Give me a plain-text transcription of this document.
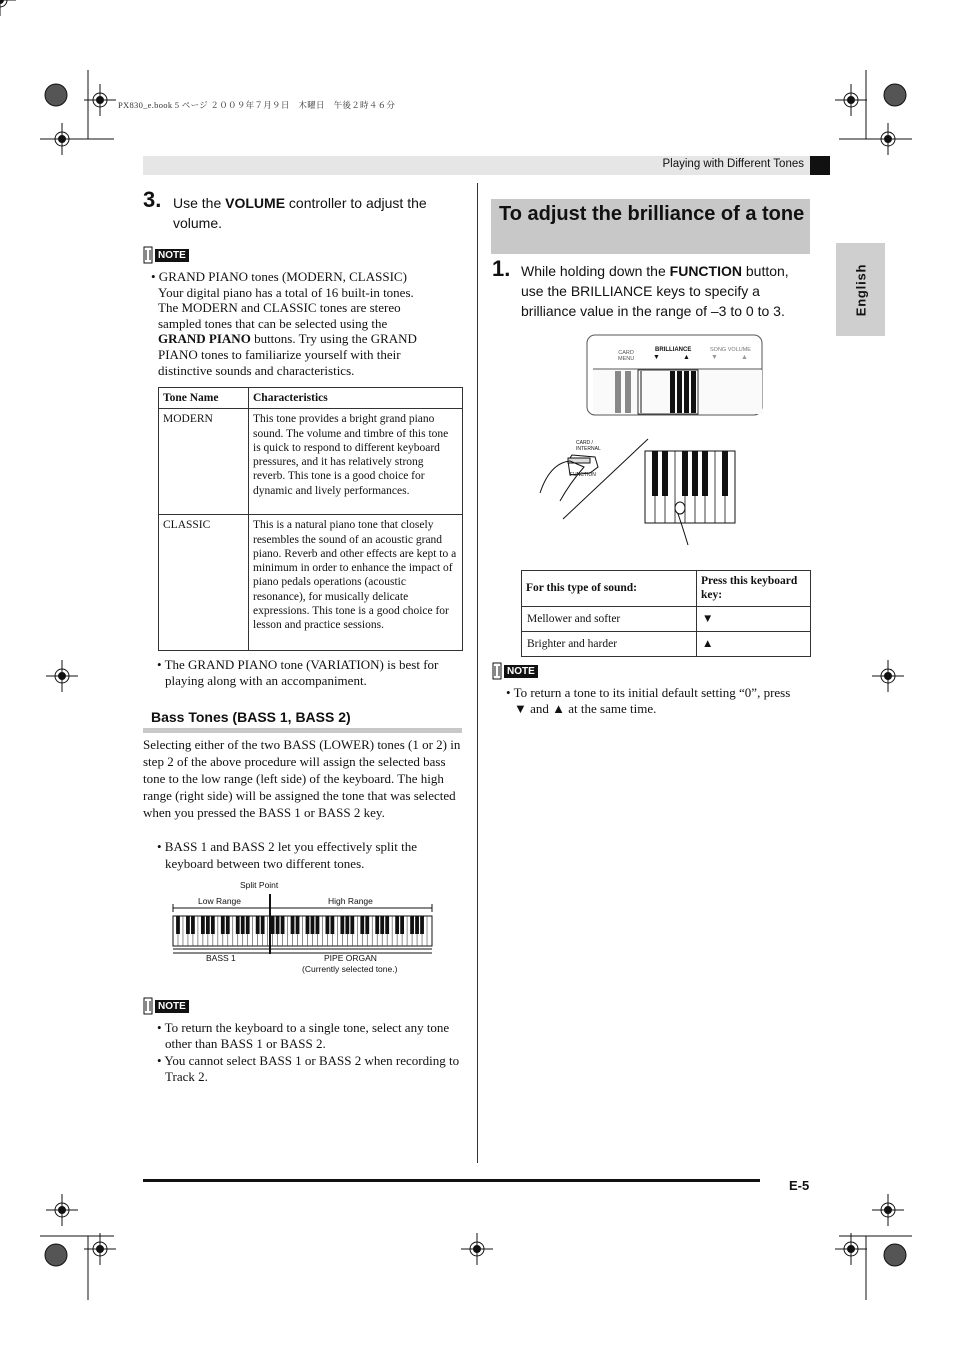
PX830_e.book 5 ページ ２００９年７月９日　木曜日　午後２時４６分
Playing with Different Tones
English
3. Use the VOLUME controller to adjust the volume.
NOTE

• GRAND PIANO tones (MODERN, CLASSIC)

Your digital piano has a total of 16 built-in tones.

The MODERN and CLASSIC tones are stereo

sampled tones that can be selected using the

GRAND PIANO buttons. Try using the GRAND

PIANO tones to familiarize yourself with their

distinctive sounds and characteristics.

Tone Name	Characteristics
MODERN	This tone provides a bright grand piano sound. The volume and timbre of this tone is quick to respond to different keyboard pressures, and it has relatively strong reverb. This tone is a good choice for dynamic and lively performances.
CLASSIC	This is a natural piano tone that closely resembles the sound of an acoustic grand piano. Reverb and other effects are kept to a minimum in order to enhance the impact of piano pedals operations (acoustic resonance), for musically delicate expressions. This tone is a good choice for lesson and practice sessions.

• The GRAND PIANO tone (VARIATION) is best for playing along with an accompaniment.

Bass Tones (BASS 1, BASS 2)
Selecting either of the two BASS (LOWER) tones (1 or 2) in step 2 of the above procedure will assign the selected bass tone to the low range (left side) of the keyboard. The high range (right side) will be assigned the tone that was selected when you pressed the BASS 1 or BASS 2 key.

• BASS 1 and BASS 2 let you effectively split the keyboard between two different tones.

Split Point
Low Range	High Range
BASS 1	PIPE ORGAN
(Currently selected tone.)
NOTE

• To return the keyboard to a single tone, select any tone other than BASS 1 or BASS 2.

• You cannot select BASS 1 or BASS 2 when recording to Track 2.

To adjust the brilliance of a tone
1. While holding down the FUNCTION button, use the BRILLIANCE keys to specify a brilliance value in the range of –3 to 0 to 3.
CARD
MENU
BRILLIANCE	SONG VOLUME
▼	▲	▼	▲
CARD /
INTERNAL
FUNCTION
For this type of sound:	Press this keyboard key:
Mellower and softer	▼
Brighter and harder	▲
NOTE

• To return a tone to its initial default setting “0”, press ▼ and ▲ at the same time.

E-5
